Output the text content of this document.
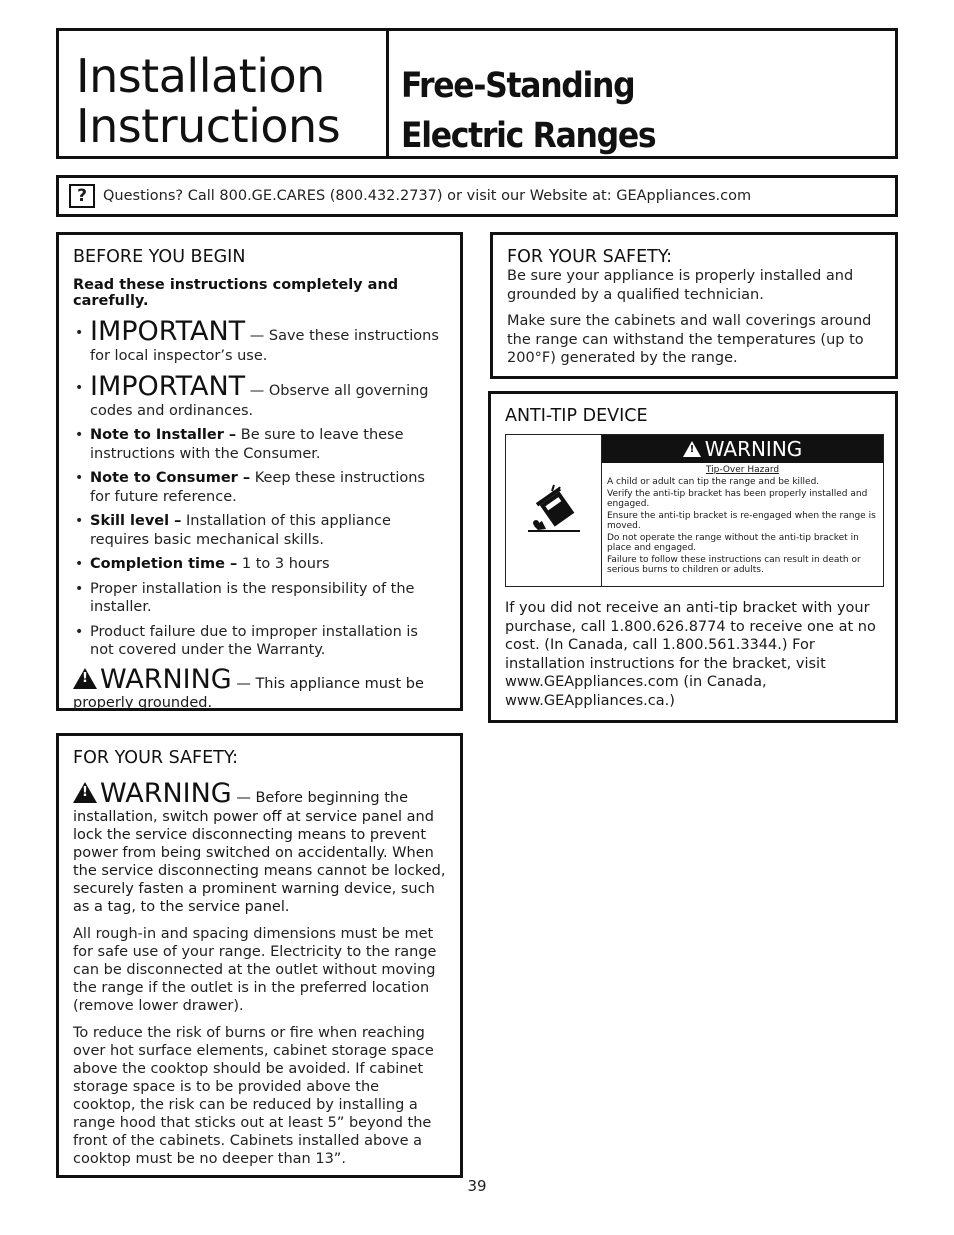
Installation
Instructions
Free-Standing
Electric Ranges
?	Questions? Call 800.GE.CARES (800.432.2737) or visit our Website at: GEAppliances.com
BEFORE YOU BEGIN
Read these instructions completely and carefully.
• IMPORTANT — Save these instructions for local inspector’s use.
• IMPORTANT — Observe all governing codes and ordinances.
• Note to Installer – Be sure to leave these instructions with the Consumer.
• Note to Consumer – Keep these instructions for future reference.
• Skill level – Installation of this appliance requires basic mechanical skills.
• Completion time – 1 to 3 hours
• Proper installation is the responsibility of the installer.
• Product failure due to improper installation is not covered under the Warranty.
!WARNING — This appliance must be properly grounded.
FOR YOUR SAFETY:

Be sure your appliance is properly installed and grounded by a qualified technician.

Make sure the cabinets and wall coverings around the range can withstand the temperatures (up to 200°F) generated by the range.

ANTI-TIP DEVICE
!
WARNING
Tip-Over Hazard
A child or adult can tip the range and be killed.
Verify the anti-tip bracket has been properly installed and engaged.
Ensure the anti-tip bracket is re-engaged when the range is moved.
Do not operate the range without the anti-tip bracket in place and engaged.
Failure to follow these instructions can result in death or serious burns to children or adults.
If you did not receive an anti-tip bracket with your purchase, call 1.800.626.8774 to receive one at no cost. (In Canada, call 1.800.561.3344.) For installation instructions for the bracket, visit www.GEAppliances.com (in Canada, www.GEAppliances.ca.)
FOR YOUR SAFETY:
!WARNING — Before beginning the installation, switch power off at service panel and lock the service disconnecting means to prevent power from being switched on accidentally. When the service disconnecting means cannot be locked, securely fasten a prominent warning device, such as a tag, to the service panel.

All rough-in and spacing dimensions must be met for safe use of your range. Electricity to the range can be disconnected at the outlet without moving the range if the outlet is in the preferred location (remove lower drawer).

To reduce the risk of burns or fire when reaching over hot surface elements, cabinet storage space above the cooktop should be avoided. If cabinet storage space is to be provided above the cooktop, the risk can be reduced by installing a range hood that sticks out at least 5” beyond the front of the cabinets. Cabinets installed above a cooktop must be no deeper than 13”.

39
